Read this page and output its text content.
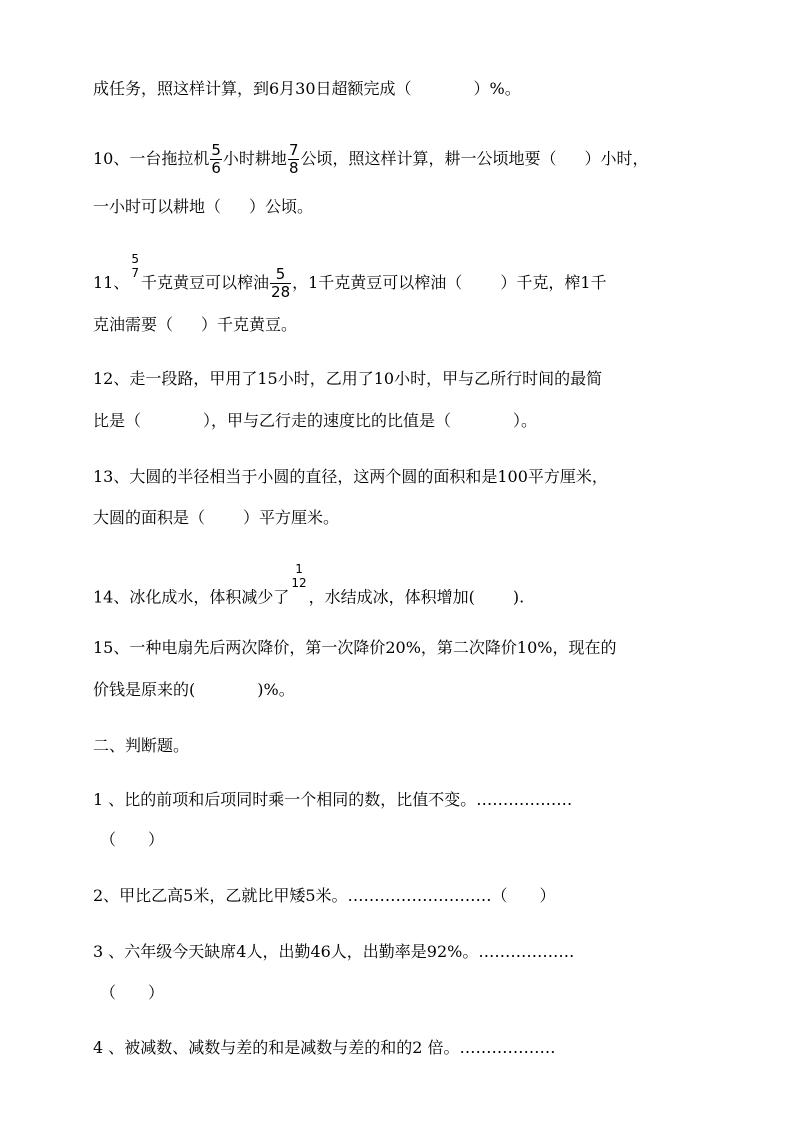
成任务，照这样计算，到6月30日超额完成（	）%。
10、一台拖拉机 $\frac{5}{6}$ 小时耕地 $\frac{7}{8}$ 公顷，照这样计算，耕一公顷地要（ ）小时，
一小时可以耕地（ ）公顷。
11、
5
7
千克黄豆可以榨油 $\frac{5}{28}$ ，1千克黄豆可以榨油（ ）千克，榨1千
克油需要（ ）千克黄豆。
12、走一段路，甲用了15小时，乙用了10小时，甲与乙所行时间的最简
比是（	），甲与乙行走的速度比的比值是（	）。
13、大圆的半径相当于小圆的直径，这两个圆的面积和是100平方厘米，
大圆的面积是（ ）平方厘米。
14、冰化成水，体积减少了
1
12
，水结成冰，体积增加( ).
15、一种电扇先后两次降价，第一次降价20%，第二次降价10%，现在的
价钱是原来的(	)%。
二、判断题。
1 、比的前项和后项同时乘一个相同的数，比值不变。………………
（　　）
2、甲比乙高5米，乙就比甲矮5米。………………………（　　）
3 、六年级今天缺席4人，出勤46人，出勤率是92%。………………
（　　）
4 、被减数、减数与差的和是减数与差的和的2 倍。………………
